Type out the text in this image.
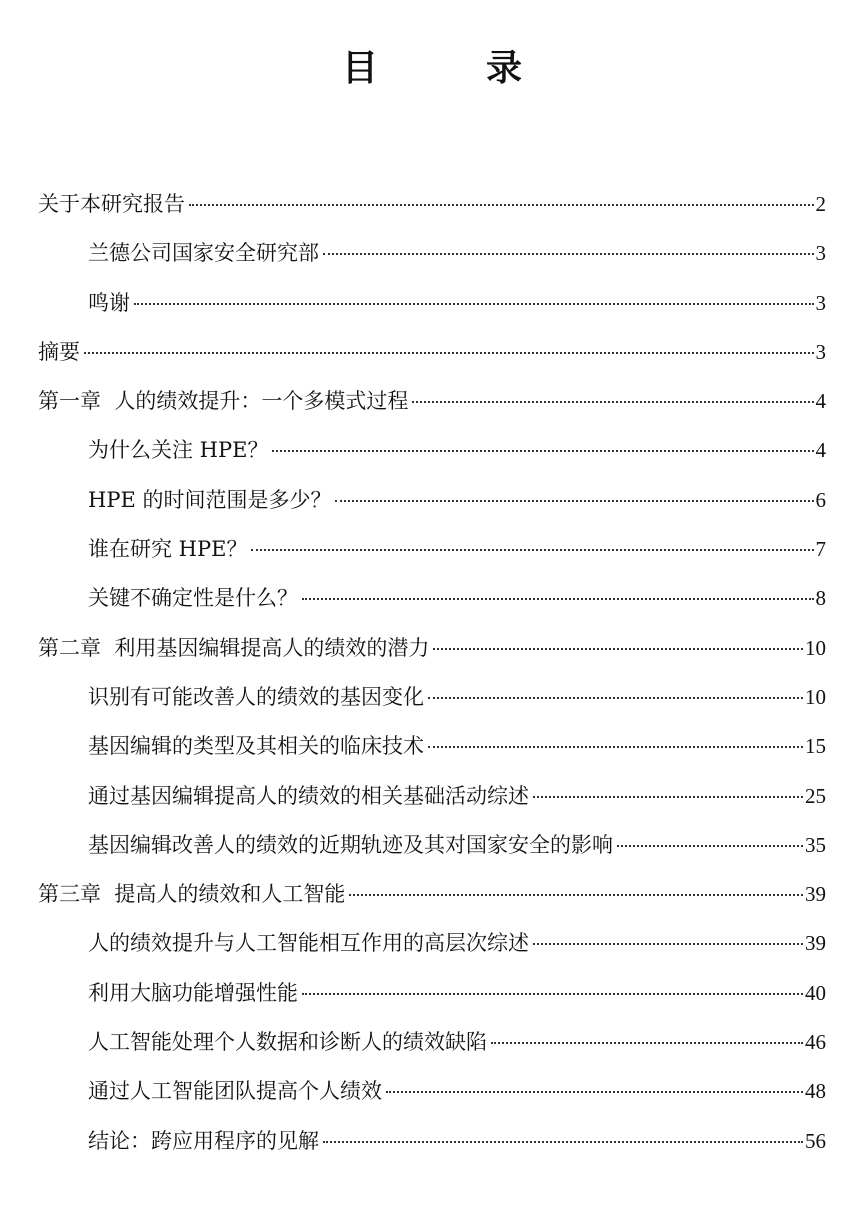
目　录
关于本研究报告	2
兰德公司国家安全研究部	3
鸣谢	3
摘要	3
第一章  人的绩效提升：一个多模式过程	4
为什么关注 HPE？	4
HPE 的时间范围是多少？	6
谁在研究 HPE？	7
关键不确定性是什么？	8
第二章  利用基因编辑提高人的绩效的潜力	10
识别有可能改善人的绩效的基因变化	10
基因编辑的类型及其相关的临床技术	15
通过基因编辑提高人的绩效的相关基础活动综述	25
基因编辑改善人的绩效的近期轨迹及其对国家安全的影响	35
第三章  提高人的绩效和人工智能	39
人的绩效提升与人工智能相互作用的高层次综述	39
利用大脑功能增强性能	40
人工智能处理个人数据和诊断人的绩效缺陷	46
通过人工智能团队提高个人绩效	48
结论：跨应用程序的见解	56
